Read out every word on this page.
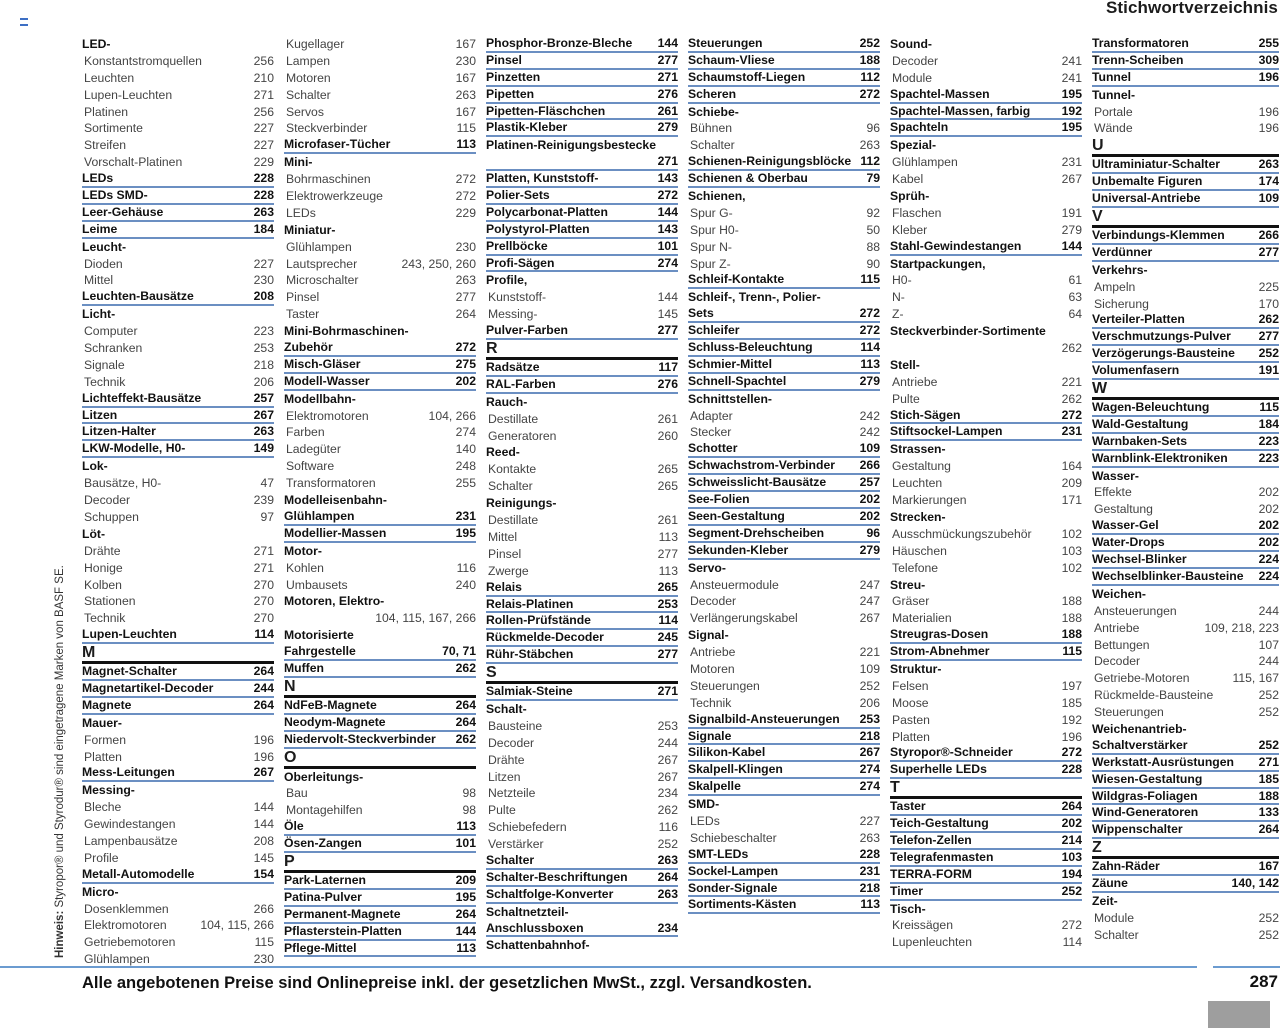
Stichwortverzeichnis
Hinweis: Styropor® und Styrodur® sind eingetragene Marken von BASF SE.
LED-
Konstantstromquellen	256
Leuchten	210
Lupen-Leuchten	271
Platinen	256
Sortimente	227
Streifen	227
Vorschalt-Platinen	229
LEDs	228
LEDs SMD-	228
Leer-Gehäuse	263
Leime	184
Leucht-
Dioden	227
Mittel	230
Leuchten-Bausätze	208
Licht-
Computer	223
Schranken	253
Signale	218
Technik	206
Lichteffekt-Bausätze	257
Litzen	267
Litzen-Halter	263
LKW-Modelle, H0-	149
Lok-
Bausätze, H0-	47
Decoder	239
Schuppen	97
Löt-
Drähte	271
Honige	271
Kolben	270
Stationen	270
Technik	270
Lupen-Leuchten	114
M
Magnet-Schalter	264
Magnetartikel-Decoder	244
Magnete	264
Mauer-
Formen	196
Platten	196
Mess-Leitungen	267
Messing-
Bleche	144
Gewindestangen	144
Lampenbausätze	208
Profile	145
Metall-Automodelle	154
Micro-
Dosenklemmen	266
Elektromotoren	104, 115, 266
Getriebemotoren	115
Glühlampen	230
Kugellager	167
Lampen	230
Motoren	167
Schalter	263
Servos	167
Steckverbinder	115
Microfaser-Tücher	113
Mini-
Bohrmaschinen	272
Elektrowerkzeuge	272
LEDs	229
Miniatur-
Glühlampen	230
Lautsprecher	243, 250, 260
Microschalter	263
Pinsel	277
Taster	264
Mini-Bohrmaschinen-
Zubehör	272
Misch-Gläser	275
Modell-Wasser	202
Modellbahn-
Elektromotoren	104, 266
Farben	274
Ladegüter	140
Software	248
Transformatoren	255
Modelleisenbahn-
Glühlampen	231
Modellier-Massen	195
Motor-
Kohlen	116
Umbausets	240
Motoren, Elektro-
104, 115, 167, 266
Motorisierte
Fahrgestelle	70, 71
Muffen	262
N
NdFeB-Magnete	264
Neodym-Magnete	264
Niedervolt-Steckverbinder 262
O
Oberleitungs-
Bau	98
Montagehilfen	98
Öle	113
Ösen-Zangen	101
P
Park-Laternen	209
Patina-Pulver	195
Permanent-Magnete	264
Pflasterstein-Platten	144
Pflege-Mittel	113
Phosphor-Bronze-Bleche 144
Pinsel	277
Pinzetten	271
Pipetten	276
Pipetten-Fläschchen	261
Plastik-Kleber	279
Platinen-Reinigungsbestecke
271
Platten, Kunststoff-	143
Polier-Sets	272
Polycarbonat-Platten	144
Polystyrol-Platten	143
Prellböcke	101
Profi-Sägen	274
Profile,
Kunststoff-	144
Messing-	145
Pulver-Farben	277
R
Radsätze	117
RAL-Farben	276
Rauch-
Destillate	261
Generatoren	260
Reed-
Kontakte	265
Schalter	265
Reinigungs-
Destillate	261
Mittel	113
Pinsel	277
Zwerge	113
Relais	265
Relais-Platinen	253
Rollen-Prüfstände	114
Rückmelde-Decoder	245
Rühr-Stäbchen	277
S
Salmiak-Steine	271
Schalt-
Bausteine	253
Decoder	244
Drähte	267
Litzen	267
Netzteile	234
Pulte	262
Schiebefedern	116
Verstärker	252
Schalter	263
Schalter-Beschriftungen 264
Schaltfolge-Konverter	263
Schaltnetzteil-
Anschlussboxen	234
Schattenbahnhof-
Steuerungen	252
Schaum-Vliese	188
Schaumstoff-Liegen	112
Scheren	272
Schiebe-
Bühnen	96
Schalter	263
Schienen-Reinigungsblöcke 112
Schienen & Oberbau	79
Schienen,
Spur G-	92
Spur H0-	50
Spur N-	88
Spur Z-	90
Schleif-Kontakte	115
Schleif-, Trenn-, Polier-
Sets	272
Schleifer	272
Schluss-Beleuchtung	114
Schmier-Mittel	113
Schnell-Spachtel	279
Schnittstellen-
Adapter	242
Stecker	242
Schotter	109
Schwachstrom-Verbinder 266
Schweisslicht-Bausätze	257
See-Folien	202
Seen-Gestaltung	202
Segment-Drehscheiben	96
Sekunden-Kleber	279
Servo-
Ansteuermodule	247
Decoder	247
Verlängerungskabel	267
Signal-
Antriebe	221
Motoren	109
Steuerungen	252
Technik	206
Signalbild-Ansteuerungen 253
Signale	218
Silikon-Kabel	267
Skalpell-Klingen	274
Skalpelle	274
SMD-
LEDs	227
Schiebeschalter	263
SMT-LEDs	228
Sockel-Lampen	231
Sonder-Signale	218
Sortiments-Kästen	113
Sound-
Decoder	241
Module	241
Spachtel-Massen	195
Spachtel-Massen, farbig	192
Spachteln	195
Spezial-
Glühlampen	231
Kabel	267
Sprüh-
Flaschen	191
Kleber	279
Stahl-Gewindestangen	144
Startpackungen,
H0-	61
N-	63
Z-	64
Steckverbinder-Sortimente
262
Stell-
Antriebe	221
Pulte	262
Stich-Sägen	272
Stiftsockel-Lampen	231
Strassen-
Gestaltung	164
Leuchten	209
Markierungen	171
Strecken-
Ausschmückungszubehör 102
Häuschen	103
Telefone	102
Streu-
Gräser	188
Materialien	188
Streugras-Dosen	188
Strom-Abnehmer	115
Struktur-
Felsen	197
Moose	185
Pasten	192
Platten	196
Styropor®-Schneider	272
Superhelle LEDs	228
T
Taster	264
Teich-Gestaltung	202
Telefon-Zellen	214
Telegrafenmasten	103
TERRA-FORM	194
Timer	252
Tisch-
Kreissägen	272
Lupenleuchten	114
Transformatoren	255
Trenn-Scheiben	309
Tunnel	196
Tunnel-
Portale	196
Wände	196
U
Ultraminiatur-Schalter	263
Unbemalte Figuren	174
Universal-Antriebe	109
V
Verbindungs-Klemmen	266
Verdünner	277
Verkehrs-
Ampeln	225
Sicherung	170
Verteiler-Platten	262
Verschmutzungs-Pulver 277
Verzögerungs-Bausteine 252
Volumenfasern	191
W
Wagen-Beleuchtung	115
Wald-Gestaltung	184
Warnbaken-Sets	223
Warnblink-Elektroniken	223
Wasser-
Effekte	202
Gestaltung	202
Wasser-Gel	202
Water-Drops	202
Wechsel-Blinker	224
Wechselblinker-Bausteine 224
Weichen-
Ansteuerungen	244
Antriebe	109, 218, 223
Bettungen	107
Decoder	244
Getriebe-Motoren	115, 167
Rückmelde-Bausteine	252
Steuerungen	252
Weichenantrieb-
Schaltverstärker	252
Werkstatt-Ausrüstungen 271
Wiesen-Gestaltung	185
Wildgras-Foliagen	188
Wind-Generatoren	133
Wippenschalter	264
Z
Zahn-Räder	167
Zäune	140, 142
Zeit-
Module	252
Schalter	252
Alle angebotenen Preise sind Onlinepreise inkl. der gesetzlichen MwSt., zzgl. Versandkosten.	287
